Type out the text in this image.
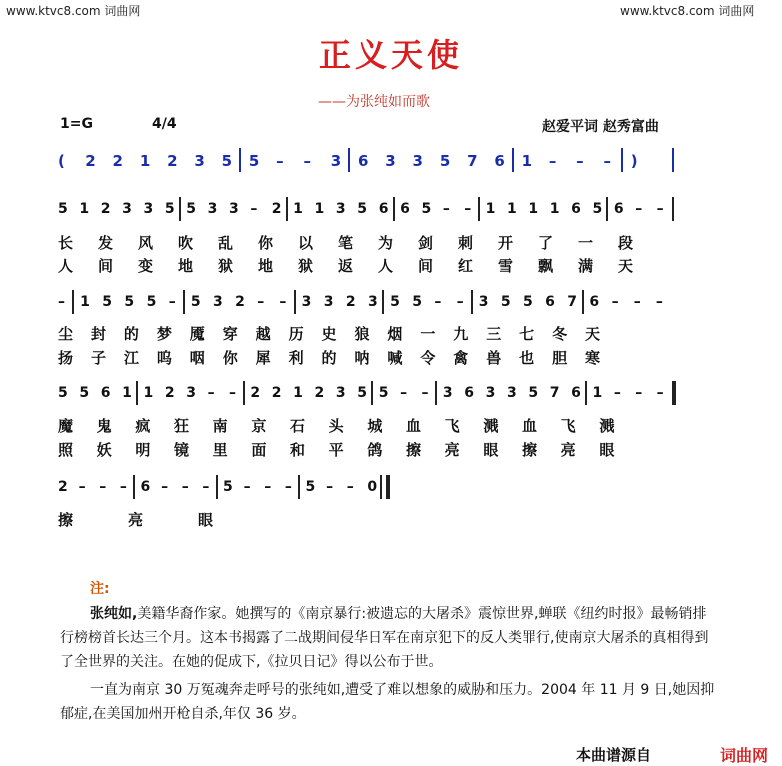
www.ktvc8.com 词曲网	www.ktvc8.com 词曲网
正义天使
——为张纯如而歌
1=G	4/4	赵爱平词 赵秀富曲
( 2 2 1 2 3 5 5 – – 3 6 3 3 5 7 6 1 – – – )
5 1 2 3 3 5 5 3 3 – 2 1 1 3 5 6 6 5 – – 1 1 1 1 6 5 6 – –
长 发 风 吹 乱 你 以 笔 为 剑 刺 开 了 一 段
人 间 变 地 狱 地 狱 返 人 间 红 雪 飘 满 天
– 1 5 5 5 – 5 3 2 – – 3 3 2 3 5 5 – – 3 5 5 6 7 6 – – –
尘 封 的 梦 魇 穿 越 历 史 狼 烟 一 九 三 七 冬 天
扬 子 江 呜 咽 你 犀 利 的 呐 喊 令 禽 兽 也 胆 寒
5 5 6 1 1 2 3 – – 2 2 1 2 3 5 5 – – 3 6 3 3 5 7 6 1 – – –
魔 鬼 疯 狂 南 京 石 头 城 血 飞 溅 血 飞 溅
照 妖 明 镜 里 面 和 平 鸽 擦 亮 眼 擦 亮 眼
2 – – – 6 – – – 5 – – – 5 – – 0
擦	亮	眼
注:
张纯如,美籍华裔作家。她撰写的《南京暴行:被遗忘的大屠杀》震惊世界,蝉联《纽约时报》最畅销排行榜榜首长达三个月。这本书揭露了二战期间侵华日军在南京犯下的反人类罪行,使南京大屠杀的真相得到了全世界的关注。在她的促成下,《拉贝日记》得以公布于世。
一直为南京 30 万冤魂奔走呼号的张纯如,遭受了难以想象的威胁和压力。2004 年 11 月 9 日,她因抑郁症,在美国加州开枪自杀,年仅 36 岁。
本曲谱源自	词曲网
